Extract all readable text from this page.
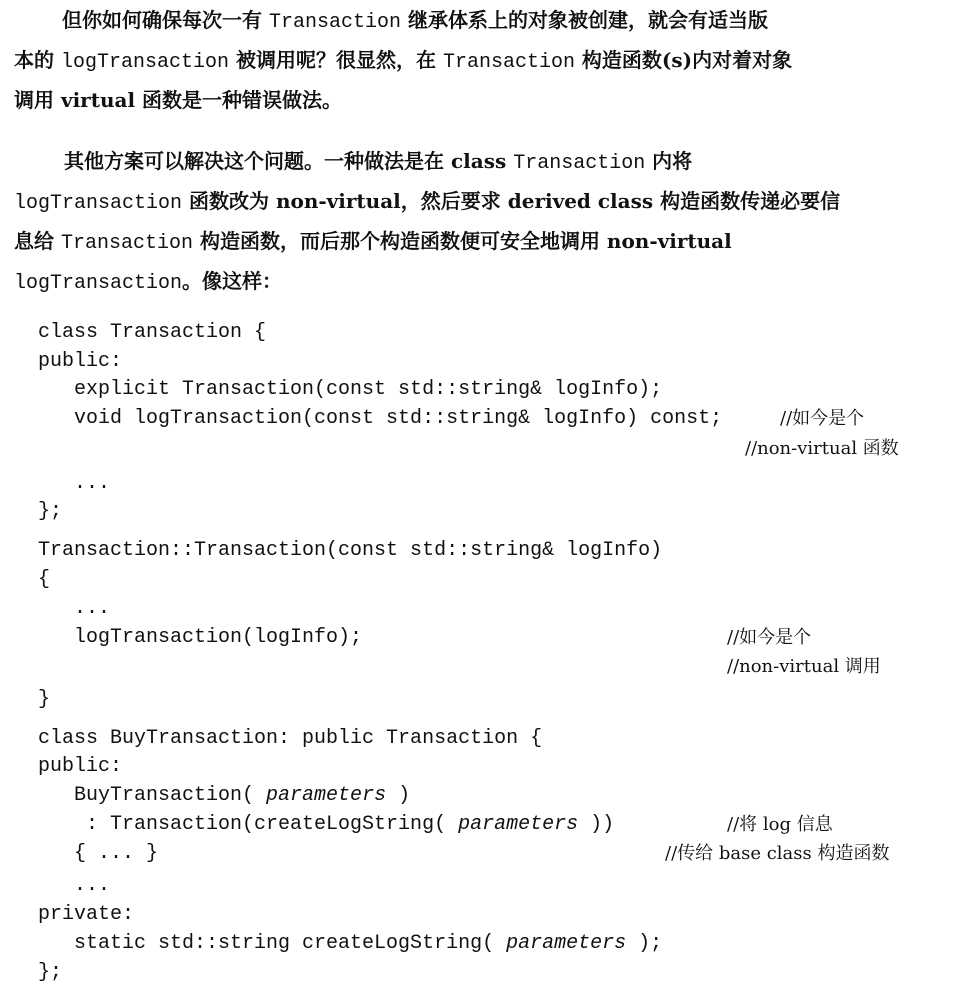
但你如何确保每次一有 Transaction 继承体系上的对象被创建，就会有适当版
本的 logTransaction 被调用呢？很显然，在 Transaction 构造函数(s)内对着对象
调用 virtual 函数是一种错误做法。
其他方案可以解决这个问题。一种做法是在 class Transaction 内将
logTransaction 函数改为 non-virtual，然后要求 derived class 构造函数传递必要信
息给 Transaction 构造函数，而后那个构造函数便可安全地调用 non-virtual
logTransaction。像这样：
class Transaction {
public:
explicit Transaction(const std::string& logInfo);
void logTransaction(const std::string& logInfo) const;	//如今是个
//non-virtual 函数
...
};
Transaction::Transaction(const std::string& logInfo)
{
...
logTransaction(logInfo);	//如今是个
//non-virtual 调用
}
class BuyTransaction: public Transaction {
public:
BuyTransaction( parameters )
: Transaction(createLogString( parameters ))	//将 log 信息
{ ... }	//传给 base class 构造函数
...
private:
static std::string createLogString( parameters );
};
